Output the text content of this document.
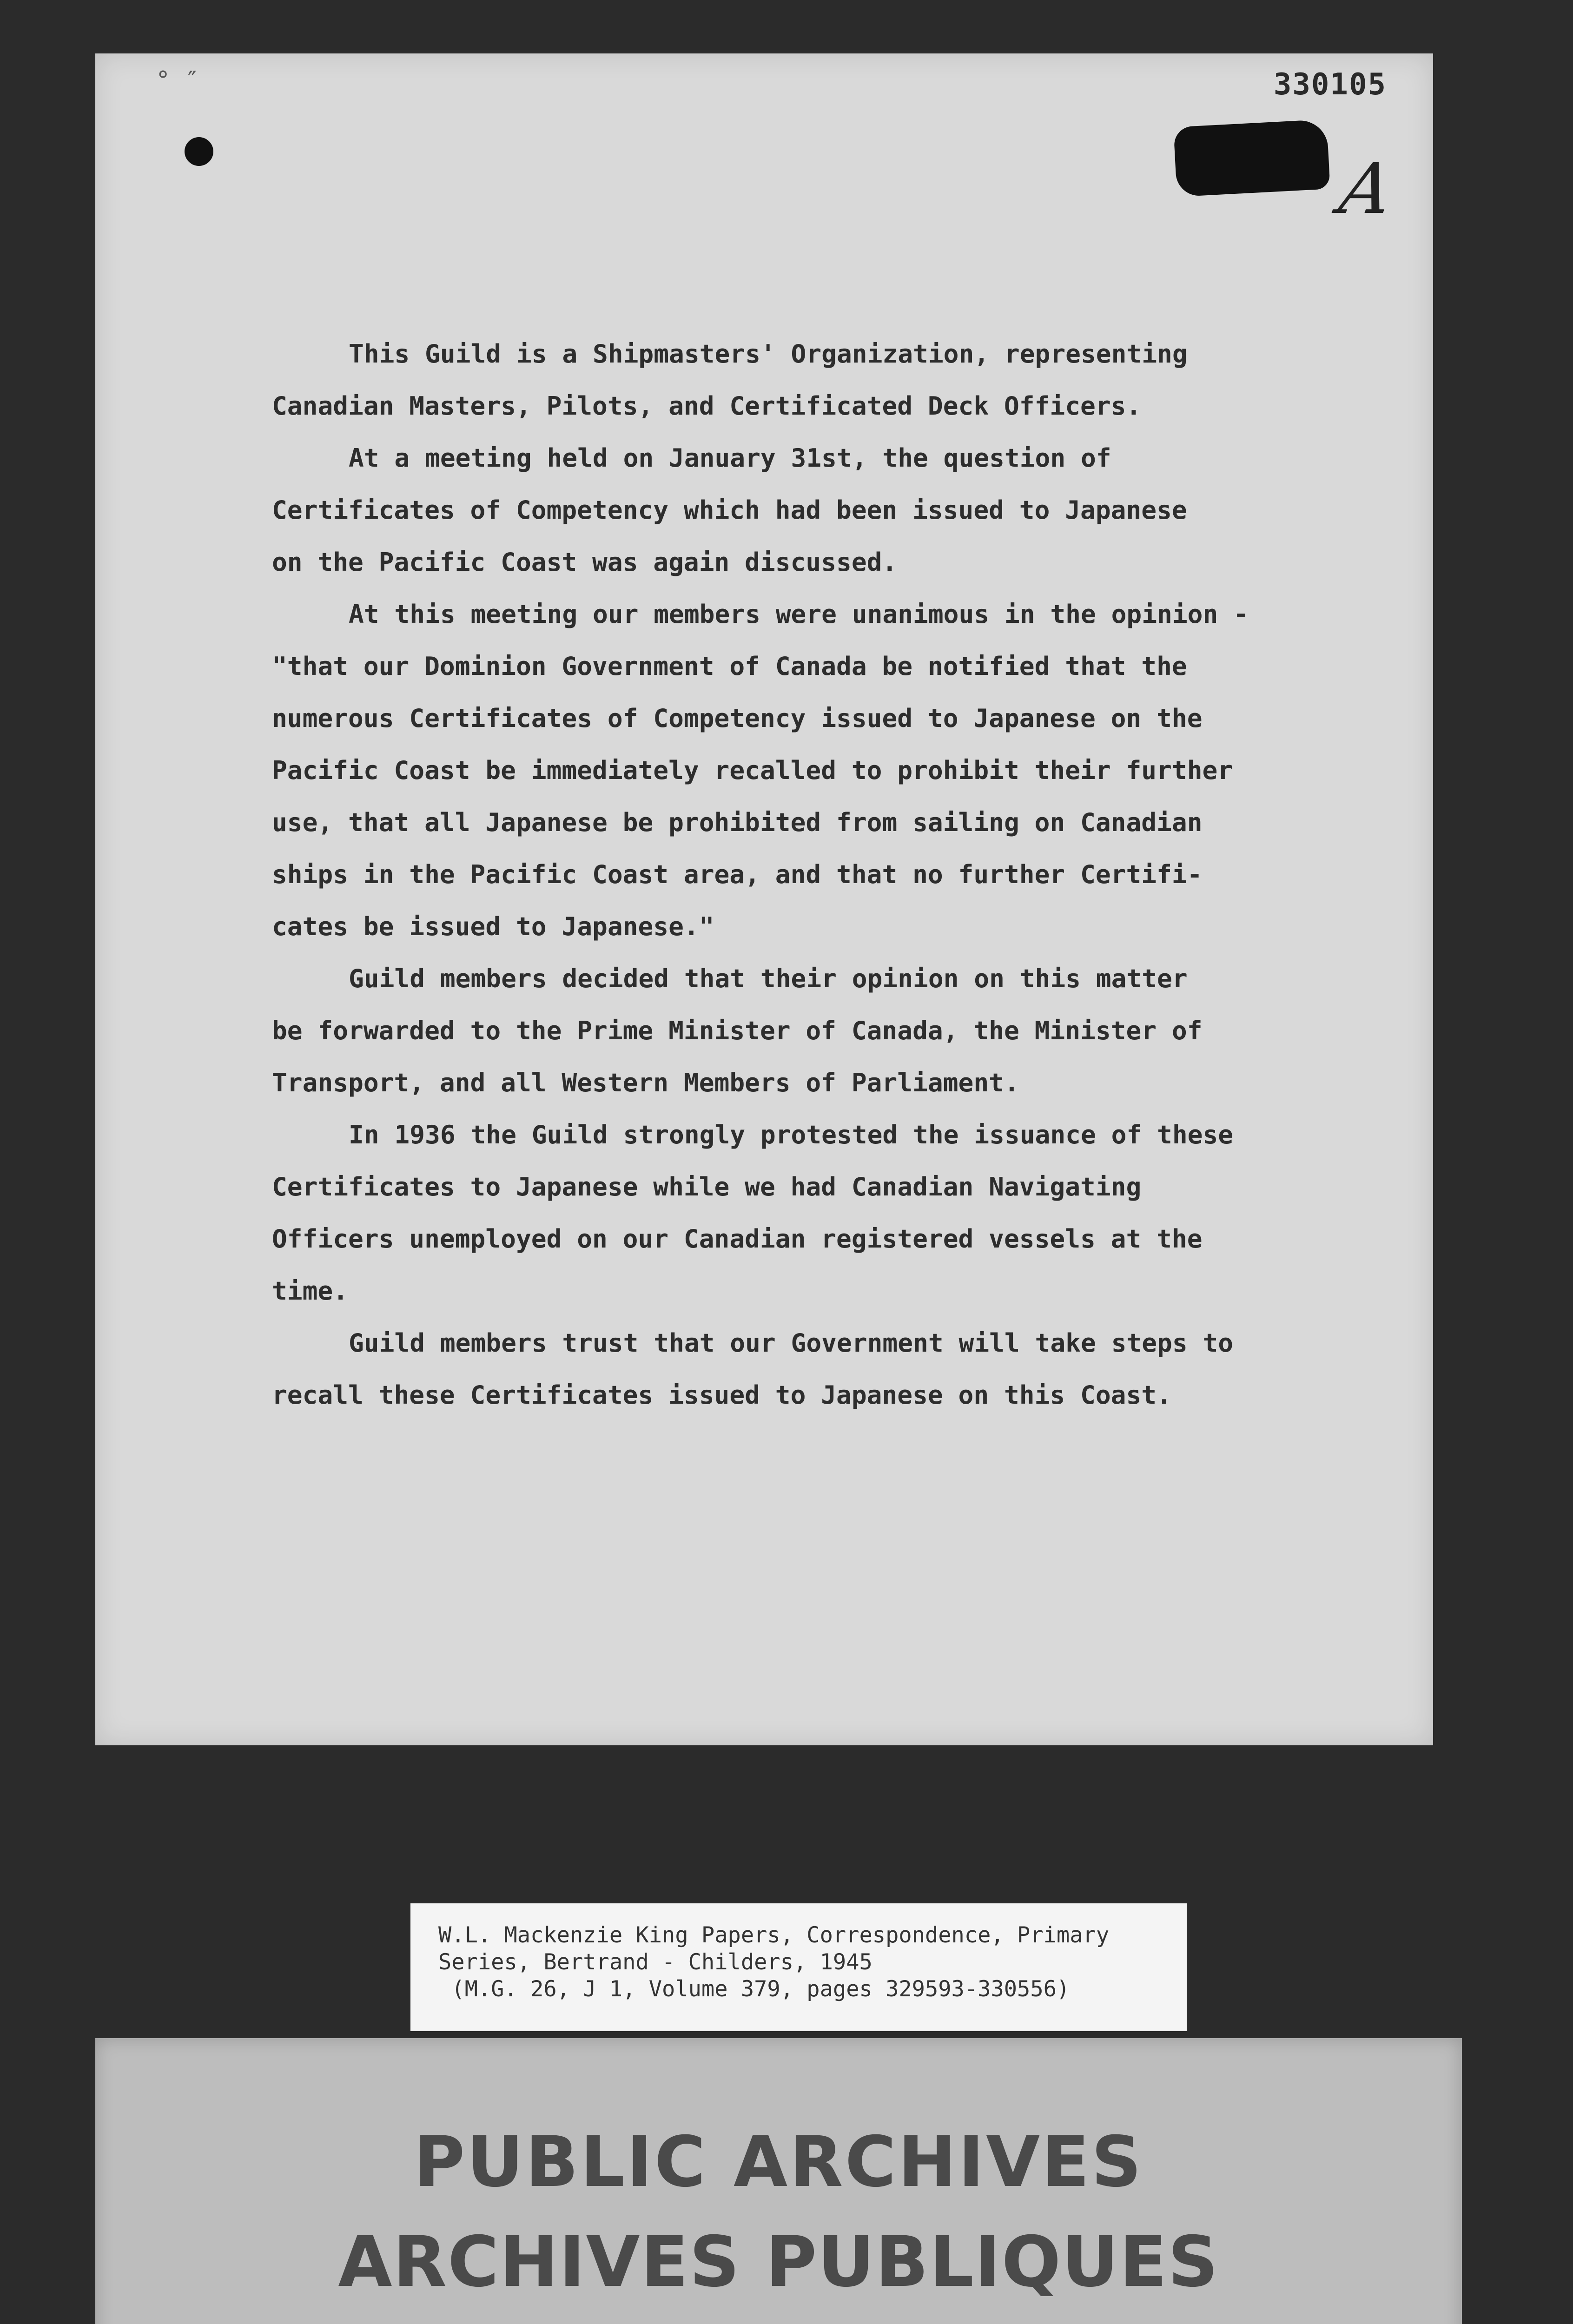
° ″	330105
A

This Guild is a Shipmasters' Organization, representing
Canadian Masters, Pilots, and Certificated Deck Officers.

At a meeting held on January 31st, the question of
Certificates of Competency which had been issued to Japanese
on the Pacific Coast was again discussed.

At this meeting our members were unanimous in the opinion -
"that our Dominion Government of Canada be notified that the
numerous Certificates of Competency issued to Japanese on the
Pacific Coast be immediately recalled to prohibit their further
use, that all Japanese be prohibited from sailing on Canadian
ships in the Pacific Coast area, and that no further Certifi-
cates be issued to Japanese."

Guild members decided that their opinion on this matter
be forwarded to the Prime Minister of Canada, the Minister of
Transport, and all Western Members of Parliament.

In 1936 the Guild strongly protested the issuance of these
Certificates to Japanese while we had Canadian Navigating
Officers unemployed on our Canadian registered vessels at the
time.

Guild members trust that our Government will take steps to
recall these Certificates issued to Japanese on this Coast.

W.L. Mackenzie King Papers, Correspondence, Primary
Series, Bertrand - Childers, 1945
(M.G. 26, J 1, Volume 379, pages 329593-330556)
PUBLIC ARCHIVES
ARCHIVES PUBLIQUES
